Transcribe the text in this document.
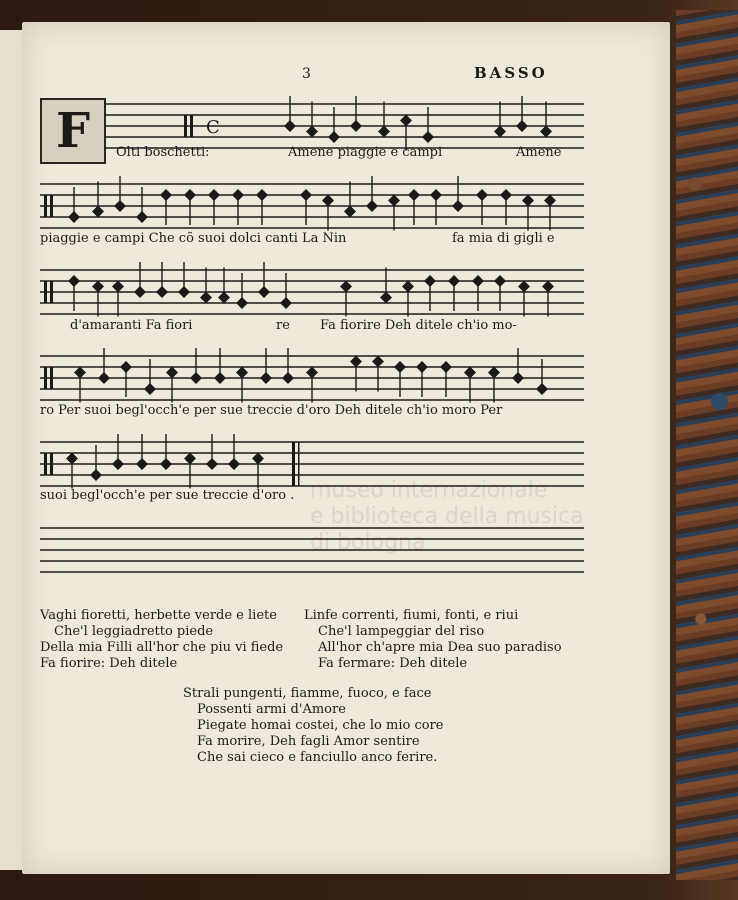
museo internazionale
e biblioteca della musica
di bologna
3	BASSO
F	C
Olti boschetti:	Amene piaggie e campi	Amene
piaggie e campi Che cõ suoi dolci canti La Nin	fa mia di gigli e
d'amaranti Fa fiori	re Fa fiorire Deh ditele ch'io mo-
ro Per suoi begl'occh'e per sue treccie d'oro Deh ditele ch'io moro Per
suoi begl'occh'e per sue treccie d'oro .
Vaghi fioretti, herbette verde e liete
Che'l leggiadretto piede
Della mia Filli all'hor che piu vi fiede
Fa fiorire: Deh ditele
Linfe correnti, fiumi, fonti, e riui
Che'l lampeggiar del riso
All'hor ch'apre mia Dea suo paradiso
Fa fermare: Deh ditele
Strali pungenti, fiamme, fuoco, e face
Possenti armi d'Amore
Piegate homai costei, che lo mio core
Fa morire, Deh fagli Amor sentire
Che sai cieco e fanciullo anco ferire.
